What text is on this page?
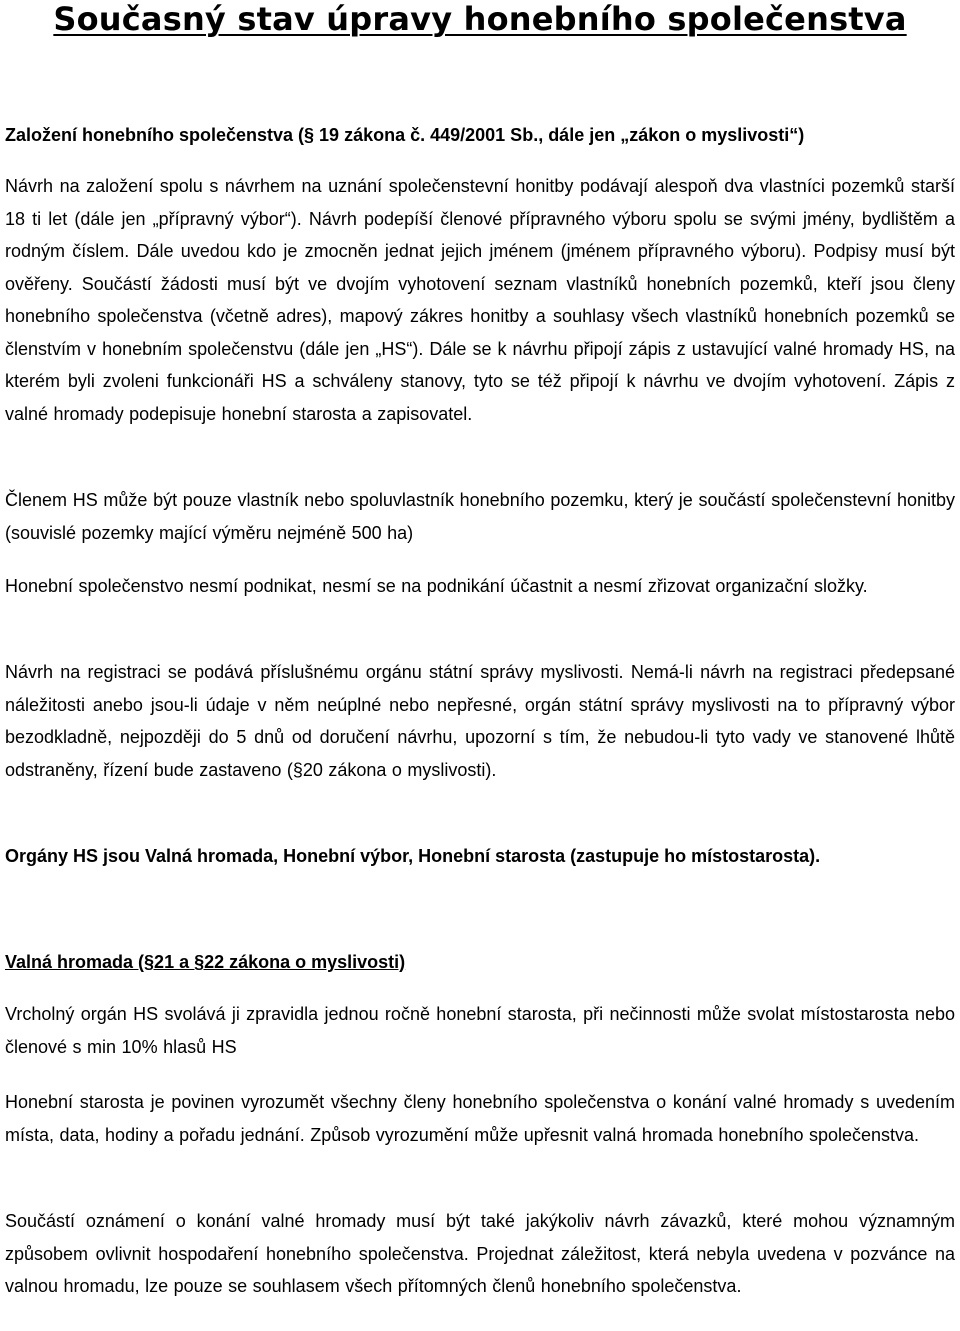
Současný stav úpravy honebního společenstva

Založení honebního společenstva (§ 19 zákona č. 449/2001 Sb., dále jen „zákon o myslivosti“)

Návrh na založení spolu s návrhem na uznání společenstevní honitby podávají alespoň dva vlastníci pozemků starší 18 ti let (dále jen „přípravný výbor“). Návrh podepíší členové přípravného výboru spolu se svými jmény, bydlištěm a rodným číslem. Dále uvedou kdo je zmocněn jednat jejich jménem (jménem přípravného výboru). Podpisy musí být ověřeny. Součástí žádosti musí být ve dvojím vyhotovení seznam vlastníků honebních pozemků, kteří jsou členy honebního společenstva (včetně adres), mapový zákres honitby a souhlasy všech vlastníků honebních pozemků se členstvím v honebním společenstvu (dále jen „HS“). Dále se k návrhu připojí zápis z ustavující valné hromady HS, na kterém byli zvoleni funkcionáři HS a schváleny stanovy, tyto se též připojí k návrhu ve dvojím vyhotovení. Zápis z valné hromady podepisuje honební starosta a zapisovatel.

Členem HS může být pouze vlastník nebo spoluvlastník honebního pozemku, který je součástí společenstevní honitby (souvislé pozemky mající výměru nejméně 500 ha)

Honební společenstvo nesmí podnikat, nesmí se na podnikání účastnit a nesmí zřizovat organizační složky.

Návrh na registraci se podává příslušnému orgánu státní správy myslivosti. Nemá-li návrh na registraci předepsané náležitosti anebo jsou-li údaje v něm neúplné nebo nepřesné, orgán státní správy myslivosti na to přípravný výbor bezodkladně, nejpozději do 5 dnů od doručení návrhu, upozorní s tím, že nebudou-li tyto vady ve stanovené lhůtě odstraněny, řízení bude zastaveno (§20 zákona o myslivosti).

Orgány HS jsou Valná hromada, Honební výbor, Honební starosta (zastupuje ho místostarosta).

Valná hromada (§21 a §22 zákona o myslivosti)

Vrcholný orgán HS svolává ji zpravidla jednou ročně honební starosta, při nečinnosti může svolat místostarosta nebo členové s min 10% hlasů HS

Honební starosta je povinen vyrozumět všechny členy honebního společenstva o konání valné hromady s uvedením místa, data, hodiny a pořadu jednání. Způsob vyrozumění může upřesnit valná hromada honebního společenstva.

Součástí oznámení o konání valné hromady musí být také jakýkoliv návrh závazků, které mohou významným způsobem ovlivnit hospodaření honebního společenstva. Projednat záležitost, která nebyla uvedena v pozvánce na valnou hromadu, lze pouze se souhlasem všech přítomných členů honebního společenstva.
